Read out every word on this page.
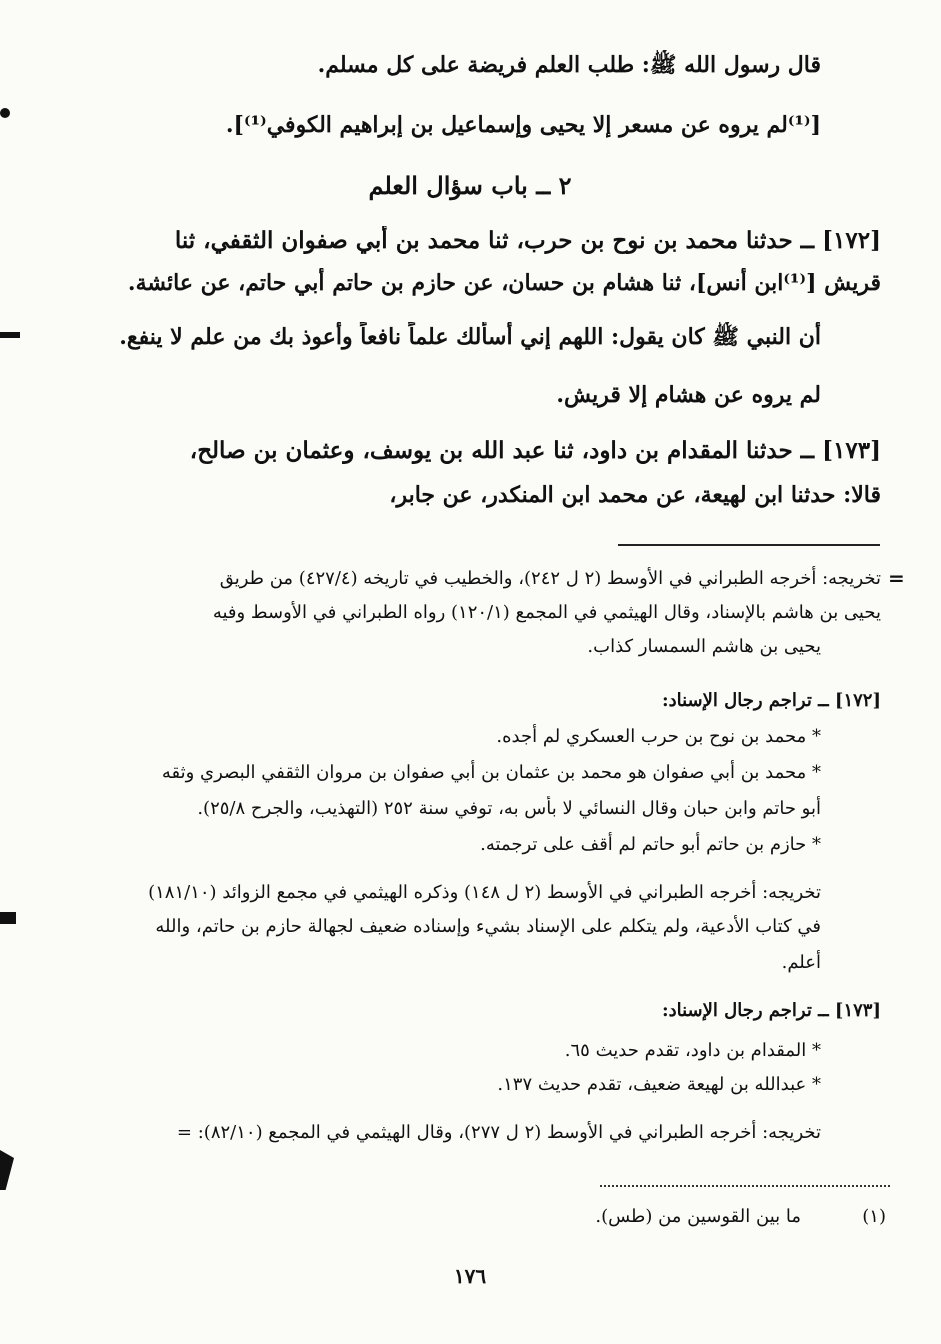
قال رسول الله ﷺ: طلب العلم فريضة على كل مسلم.
[⁽¹⁾لم يروه عن مسعر إلا يحيى وإسماعيل بن إبراهيم الكوفي⁽¹⁾].
٢ ــ باب سؤال العلم
[١٧٢] ــ حدثنا محمد بن نوح بن حرب، ثنا محمد بن أبي صفوان الثقفي، ثنا
قريش [⁽¹⁾ابن أنس]، ثنا هشام بن حسان، عن حازم بن حاتم أبي حاتم، عن عائشة.
أن النبي ﷺ كان يقول: اللهم إني أسألك علماً نافعاً وأعوذ بك من علم لا ينفع.
لم يروه عن هشام إلا قريش.
[١٧٣] ــ حدثنا المقدام بن داود، ثنا عبد الله بن يوسف، وعثمان بن صالح،
قالا: حدثنا ابن لهيعة، عن محمد ابن المنكدر، عن جابر،
تخريجه: أخرجه الطبراني في الأوسط (٢ ل ٢٤٢)، والخطيب في تاريخه (٤٢٧/٤) من طريق
يحيى بن هاشم بالإسناد، وقال الهيثمي في المجمع (١٢٠/١) رواه الطبراني في الأوسط وفيه
يحيى بن هاشم السمسار كذاب.
[١٧٢] ــ تراجم رجال الإسناد:
* محمد بن نوح بن حرب العسكري لم أجده.
* محمد بن أبي صفوان هو محمد بن عثمان بن أبي صفوان بن مروان الثقفي البصري وثقه
أبو حاتم وابن حبان وقال النسائي لا بأس به، توفي سنة ٢٥٢ (التهذيب، والجرح ٢٥/٨).
* حازم بن حاتم أبو حاتم لم أقف على ترجمته.
تخريجه: أخرجه الطبراني في الأوسط (٢ ل ١٤٨) وذكره الهيثمي في مجمع الزوائد (١٨١/١٠)
في كتاب الأدعية، ولم يتكلم على الإسناد بشيء وإسناده ضعيف لجهالة حازم بن حاتم، والله
أعلم.
[١٧٣] ــ تراجم رجال الإسناد:
* المقدام بن داود، تقدم حديث ٦٥.
* عبدالله بن لهيعة ضعيف، تقدم حديث ١٣٧.
تخريجه: أخرجه الطبراني في الأوسط (٢ ل ٢٧٧)، وقال الهيثمي في المجمع (٨٢/١٠): =
=
(١)
ما بين القوسين من (طس).
١٧٦
